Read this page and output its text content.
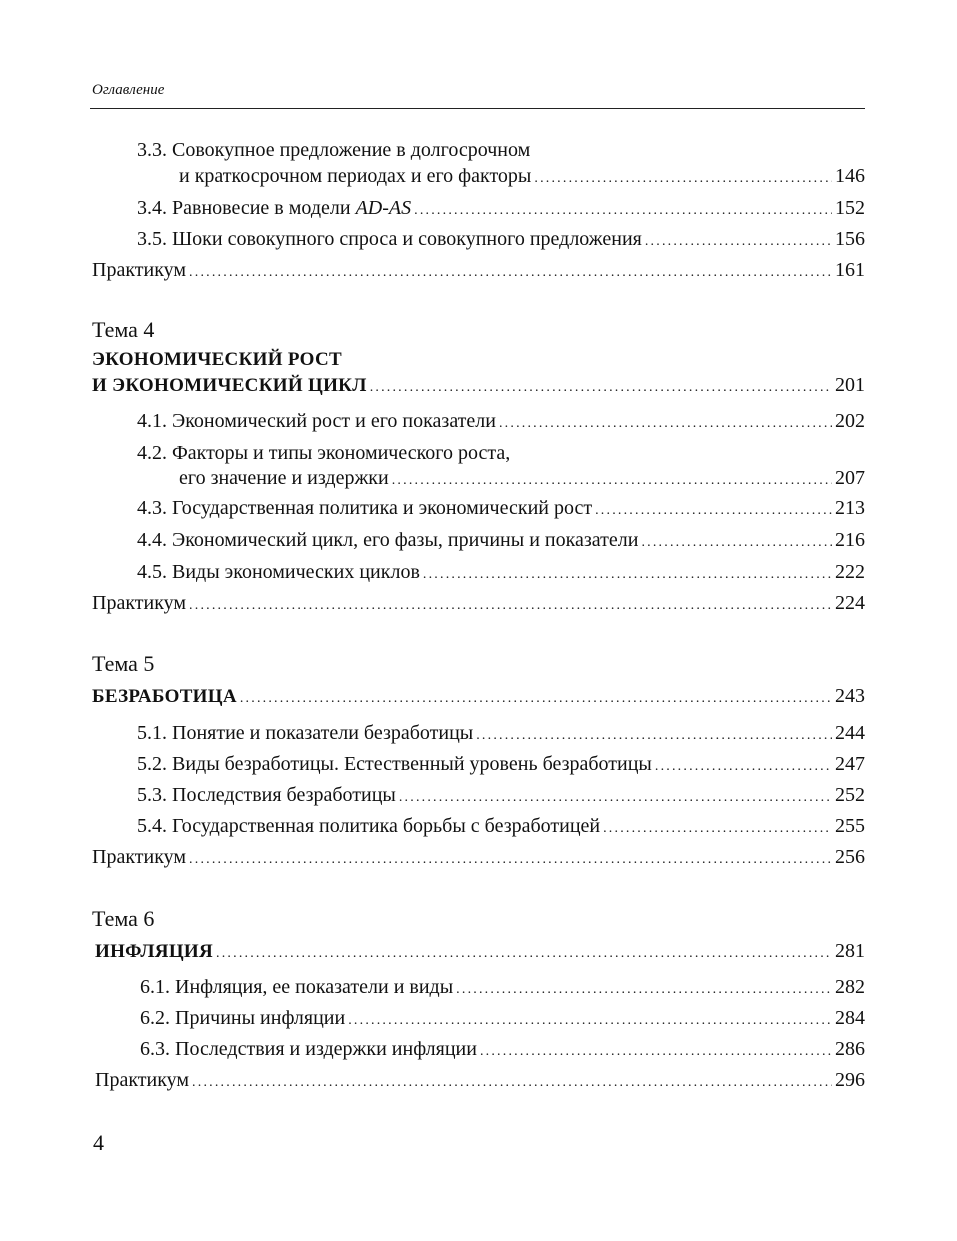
Оглавление
3.3. Совокупное предложение в долгосрочном
и краткосрочном периодах и его факторы .....	146
3.4. Равновесие в модели AD-AS .....	152
3.5. Шоки совокупного спроса и совокупного предложения .....	156
Практикум .....	161
Тема 4
ЭКОНОМИЧЕСКИЙ РОСТ
И ЭКОНОМИЧЕСКИЙ ЦИКЛ .....	201
4.1. Экономический рост и его показатели .....	202
4.2. Факторы и типы экономического роста,
его значение и издержки .....	207
4.3. Государственная политика и экономический рост .....	213
4.4. Экономический цикл, его фазы, причины и показатели .....	216
4.5. Виды экономических циклов .....	222
Практикум .....	224
Тема 5
БЕЗРАБОТИЦА .....	243
5.1. Понятие и показатели безработицы .....	244
5.2. Виды безработицы. Естественный уровень безработицы .....	247
5.3. Последствия безработицы .....	252
5.4. Государственная политика борьбы с безработицей .....	255
Практикум .....	256
Тема 6
ИНФЛЯЦИЯ .....	281
6.1. Инфляция, ее показатели и виды .....	282
6.2. Причины инфляции .....	284
6.3. Последствия и издержки инфляции .....	286
Практикум .....	296
4
